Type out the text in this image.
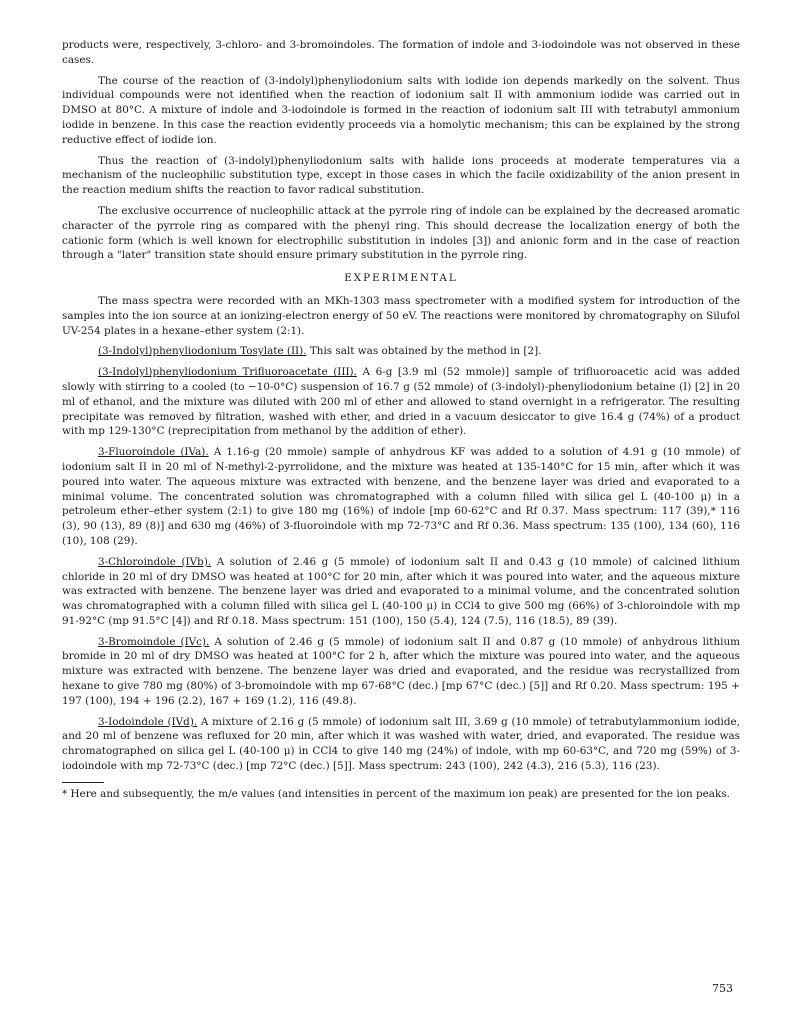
products were, respectively, 3-chloro- and 3-bromoindoles. The formation of indole and 3-iodoindole was not observed in these cases.

The course of the reaction of (3-indolyl)phenyliodonium salts with iodide ion depends markedly on the solvent. Thus individual compounds were not identified when the reaction of iodonium salt II with ammonium iodide was carried out in DMSO at 80°C. A mixture of indole and 3-iodoindole is formed in the reaction of iodonium salt III with tetrabutyl ammonium iodide in benzene. In this case the reaction evidently proceeds via a homolytic mechanism; this can be explained by the strong reductive effect of iodide ion.

Thus the reaction of (3-indolyl)phenyliodonium salts with halide ions proceeds at moderate temperatures via a mechanism of the nucleophilic substitution type, except in those cases in which the facile oxidizability of the anion present in the reaction medium shifts the reaction to favor radical substitution.

The exclusive occurrence of nucleophilic attack at the pyrrole ring of indole can be explained by the decreased aromatic character of the pyrrole ring as compared with the phenyl ring. This should decrease the localization energy of both the cationic form (which is well known for electrophilic substitution in indoles [3]) and anionic form and in the case of reaction through a "later" transition state should ensure primary substitution in the pyrrole ring.

EXPERIMENTAL

The mass spectra were recorded with an MKh-1303 mass spectrometer with a modified system for introduction of the samples into the ion source at an ionizing-electron energy of 50 eV. The reactions were monitored by chromatography on Silufol UV-254 plates in a hexane–ether system (2:1).

(3-Indolyl)phenyliodonium Tosylate (II). This salt was obtained by the method in [2].

(3-Indolyl)phenyliodonium Trifluoroacetate (III). A 6-g [3.9 ml (52 mmole)] sample of trifluoroacetic acid was added slowly with stirring to a cooled (to −10-0°C) suspension of 16.7 g (52 mmole) of (3-indolyl)-phenyliodonium betaine (I) [2] in 20 ml of ethanol, and the mixture was diluted with 200 ml of ether and allowed to stand overnight in a refrigerator. The resulting precipitate was removed by filtration, washed with ether, and dried in a vacuum desiccator to give 16.4 g (74%) of a product with mp 129-130°C (reprecipitation from methanol by the addition of ether).

3-Fluoroindole (IVa). A 1.16-g (20 mmole) sample of anhydrous KF was added to a solution of 4.91 g (10 mmole) of iodonium salt II in 20 ml of N-methyl-2-pyrrolidone, and the mixture was heated at 135-140°C for 15 min, after which it was poured into water. The aqueous mixture was extracted with benzene, and the benzene layer was dried and evaporated to a minimal volume. The concentrated solution was chromatographed with a column filled with silica gel L (40-100 μ) in a petroleum ether–ether system (2:1) to give 180 mg (16%) of indole [mp 60-62°C and Rf 0.37. Mass spectrum: 117 (39),* 116 (3), 90 (13), 89 (8)] and 630 mg (46%) of 3-fluoroindole with mp 72-73°C and Rf 0.36. Mass spectrum: 135 (100), 134 (60), 116 (10), 108 (29).

3-Chloroindole (IVb). A solution of 2.46 g (5 mmole) of iodonium salt II and 0.43 g (10 mmole) of calcined lithium chloride in 20 ml of dry DMSO was heated at 100°C for 20 min, after which it was poured into water, and the aqueous mixture was extracted with benzene. The benzene layer was dried and evaporated to a minimal volume, and the concentrated solution was chromatographed with a column filled with silica gel L (40-100 μ) in CCl4 to give 500 mg (66%) of 3-chloroindole with mp 91-92°C (mp 91.5°C [4]) and Rf 0.18. Mass spectrum: 151 (100), 150 (5.4), 124 (7.5), 116 (18.5), 89 (39).

3-Bromoindole (IVc). A solution of 2.46 g (5 mmole) of iodonium salt II and 0.87 g (10 mmole) of anhydrous lithium bromide in 20 ml of dry DMSO was heated at 100°C for 2 h, after which the mixture was poured into water, and the aqueous mixture was extracted with benzene. The benzene layer was dried and evaporated, and the residue was recrystallized from hexane to give 780 mg (80%) of 3-bromoindole with mp 67-68°C (dec.) [mp 67°C (dec.) [5]] and Rf 0.20. Mass spectrum: 195 + 197 (100), 194 + 196 (2.2), 167 + 169 (1.2), 116 (49.8).

3-Iodoindole (IVd). A mixture of 2.16 g (5 mmole) of iodonium salt III, 3.69 g (10 mmole) of tetrabutylammonium iodide, and 20 ml of benzene was refluxed for 20 min, after which it was washed with water, dried, and evaporated. The residue was chromatographed on silica gel L (40-100 μ) in CCl4 to give 140 mg (24%) of indole, with mp 60-63°C, and 720 mg (59%) of 3-iodoindole with mp 72-73°C (dec.) [mp 72°C (dec.) [5]]. Mass spectrum: 243 (100), 242 (4.3), 216 (5.3), 116 (23).

* Here and subsequently, the m/e values (and intensities in percent of the maximum ion peak) are presented for the ion peaks.

753
